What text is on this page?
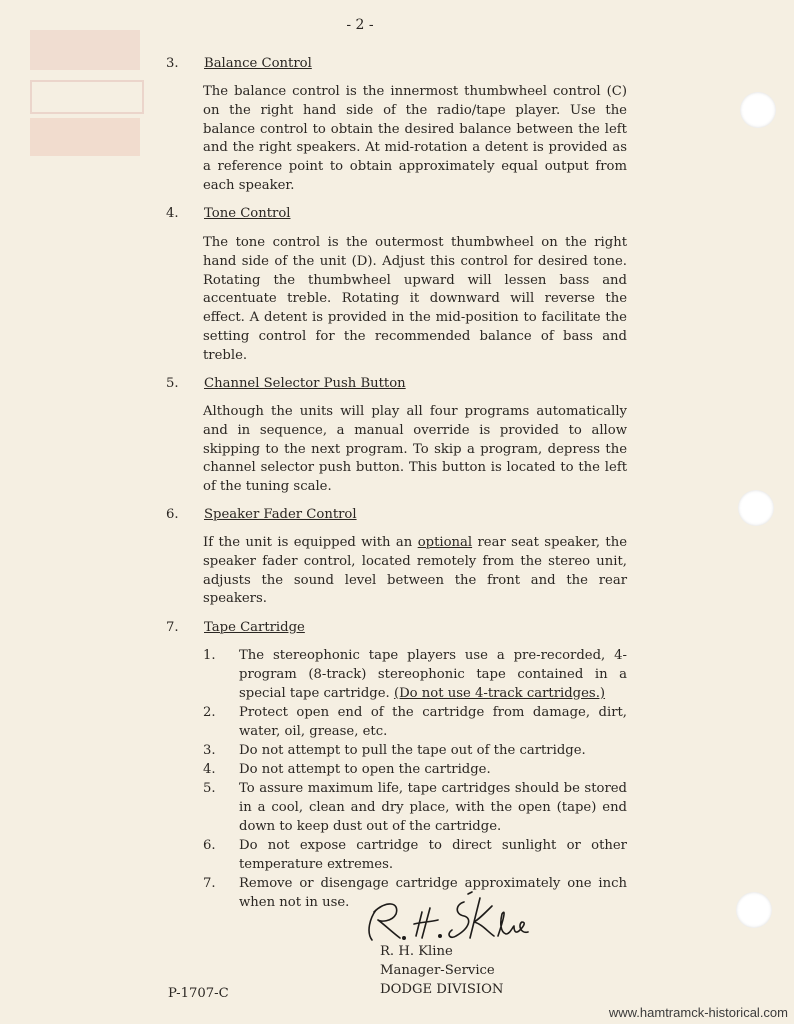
- 2 -
3. Balance Control
The balance control is the innermost thumbwheel control (C) on the right hand side of the radio/tape player. Use the balance control to obtain the desired balance between the left and the right speakers. At mid-rotation a detent is provided as a reference point to obtain approximately equal output from each speaker.
4. Tone Control
The tone control is the outermost thumbwheel on the right hand side of the unit (D). Adjust this control for desired tone. Rotating the thumbwheel upward will lessen bass and accentuate treble. Rotating it downward will reverse the effect. A detent is provided in the mid-position to facilitate the setting control for the recommended balance of bass and treble.
5. Channel Selector Push Button
Although the units will play all four programs automatically and in sequence, a manual override is provided to allow skipping to the next program. To skip a program, depress the channel selector push button. This button is located to the left of the tuning scale.
6. Speaker Fader Control
If the unit is equipped with an optional rear seat speaker, the speaker fader control, located remotely from the stereo unit, adjusts the sound level between the front and the rear speakers.
7. Tape Cartridge
1. The stereophonic tape players use a pre-recorded, 4-program (8-track) stereophonic tape contained in a special tape cartridge. (Do not use 4-track cartridges.)
2. Protect open end of the cartridge from damage, dirt, water, oil, grease, etc.
3. Do not attempt to pull the tape out of the cartridge.
4. Do not attempt to open the cartridge.
5. To assure maximum life, tape cartridges should be stored in a cool, clean and dry place, with the open (tape) end down to keep dust out of the cartridge.
6. Do not expose cartridge to direct sunlight or other temperature extremes.
7. Remove or disengage cartridge approximately one inch when not in use.
R. H. Kline
Manager-Service
DODGE DIVISION
P-1707-C
www.hamtramck-historical.com
